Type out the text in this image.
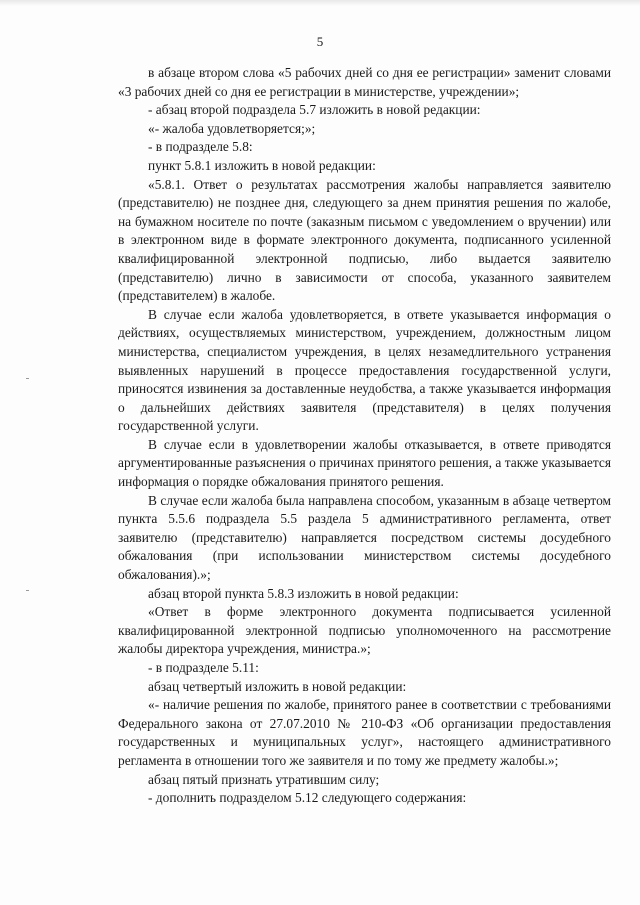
5

в абзаце втором слова «5 рабочих дней со дня ее регистрации» заменит словами «3 рабочих дней со дня ее регистрации в министерстве, учреждении»;

- абзац второй подраздела 5.7 изложить в новой редакции:

«- жалоба удовлетворяется;»;

- в подразделе 5.8:

пункт 5.8.1 изложить в новой редакции:

«5.8.1. Ответ о результатах рассмотрения жалобы направляется заявителю (представителю) не позднее дня, следующего за днем принятия решения по жалобе, на бумажном носителе по почте (заказным письмом с уведомлением о вручении) или в электронном виде в формате электронного документа, подписанного усиленной квалифицированной электронной подписью, либо выдается заявителю (представителю) лично в зависимости от способа, указанного заявителем (представителем) в жалобе.

В случае если жалоба удовлетворяется, в ответе указывается информация о действиях, осуществляемых министерством, учреждением, должностным лицом министерства, специалистом учреждения, в целях незамедлительного устранения выявленных нарушений в процессе предоставления государственной услуги, приносятся извинения за доставленные неудобства, а также указывается информация о дальнейших действиях заявителя (представителя) в целях получения государственной услуги.

В случае если в удовлетворении жалобы отказывается, в ответе приводятся аргументированные разъяснения о причинах принятого решения, а также указывается информация о порядке обжалования принятого решения.

В случае если жалоба была направлена способом, указанным в абзаце четвертом пункта 5.5.6 подраздела 5.5 раздела 5 административного регламента, ответ заявителю (представителю) направляется посредством системы досудебного обжалования (при использовании министерством системы досудебного обжалования).»;

абзац второй пункта 5.8.3 изложить в новой редакции:

«Ответ в форме электронного документа подписывается усиленной квалифицированной электронной подписью уполномоченного на рассмотрение жалобы директора учреждения, министра.»;

- в подразделе 5.11:

абзац четвертый изложить в новой редакции:

«- наличие решения по жалобе, принятого ранее в соответствии с требованиями Федерального закона от 27.07.2010 № 210-ФЗ «Об организации предоставления государственных и муниципальных услуг», настоящего административного регламента в отношении того же заявителя и по тому же предмету жалобы.»;

абзац пятый признать утратившим силу;

- дополнить подразделом 5.12 следующего содержания:
